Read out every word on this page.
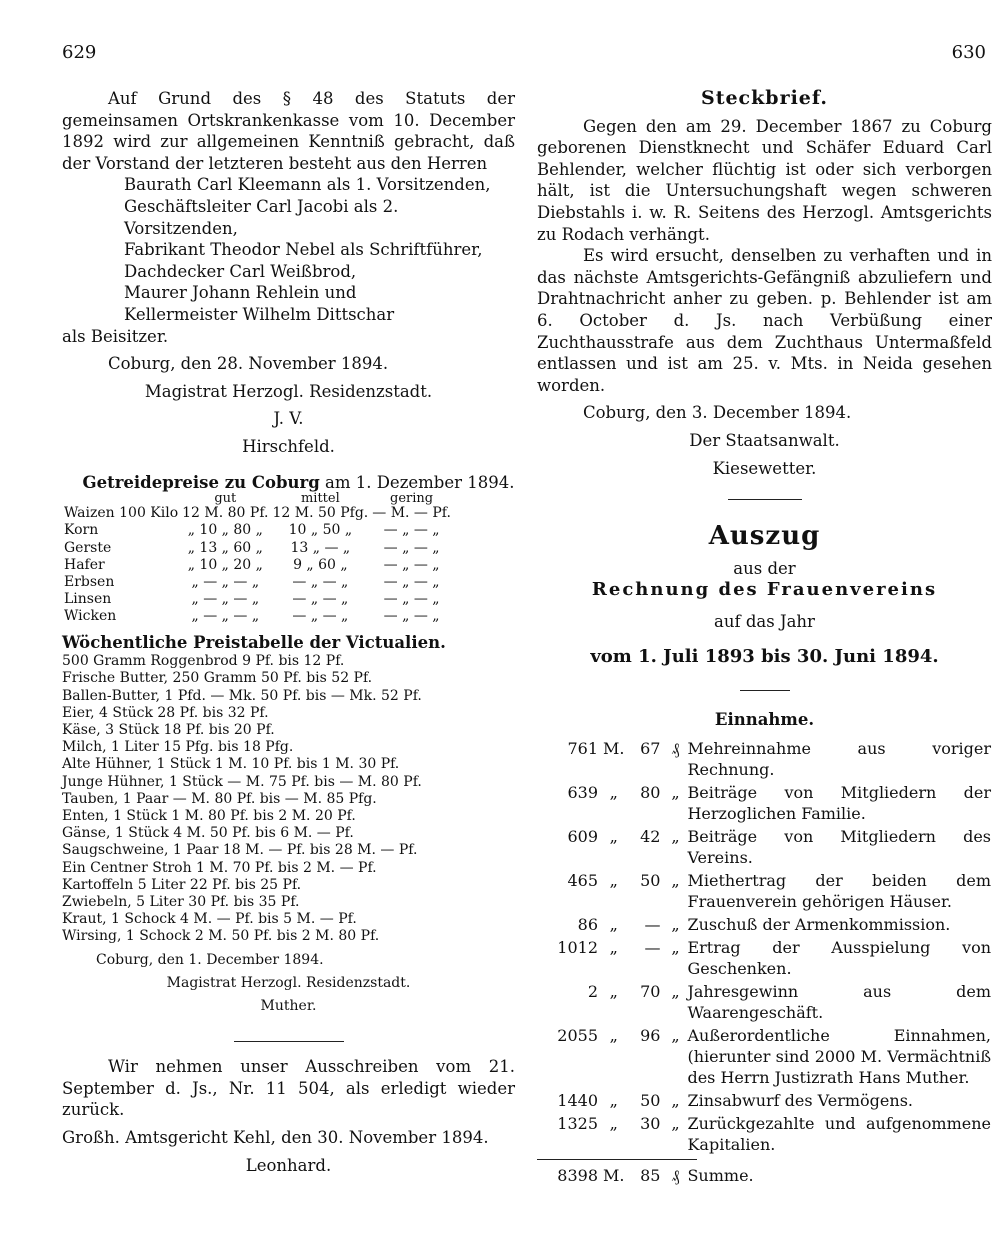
629	630

Auf Grund des § 48 des Statuts der gemeinsamen Ortskrankenkasse vom 10. December 1892 wird zur allgemeinen Kenntniß gebracht, daß der Vorstand der letzteren besteht aus den Herren

Baurath Carl Kleemann als 1. Vorsitzenden,

Geschäftsleiter Carl Jacobi als 2. Vorsitzenden,

Fabrikant Theodor Nebel als Schriftführer,

Dachdecker Carl Weißbrod,

Maurer Johann Rehlein und

Kellermeister Wilhelm Dittschar

als Beisitzer.

Coburg, den 28. November 1894.

Magistrat Herzogl. Residenzstadt.

J. V.

Hirschfeld.

Getreidepreise zu Coburg am 1. Dezember 1894.

	gut	mittel	gering
Waizen 100 Kilo	12 M. 80 Pf.	12 M. 50 Pfg.	— M. — Pf.
Korn	„ 10 „ 80 „	10 „ 50 „	— „ — „
Gerste	„ 13 „ 60 „	13 „ — „	— „ — „
Hafer	„ 10 „ 20 „	9 „ 60 „	— „ — „
Erbsen	„ — „ — „	— „ — „	— „ — „
Linsen	„ — „ — „	— „ — „	— „ — „
Wicken	„ — „ — „	— „ — „	— „ — „

Wöchentliche Preistabelle der Victualien.

500 Gramm Roggenbrod 9 Pf. bis 12 Pf.
Frische Butter, 250 Gramm 50 Pf. bis 52 Pf.
Ballen-Butter, 1 Pfd. — Mk. 50 Pf. bis — Mk. 52 Pf.
Eier, 4 Stück 28 Pf. bis 32 Pf.
Käse, 3 Stück 18 Pf. bis 20 Pf.
Milch, 1 Liter 15 Pfg. bis 18 Pfg.
Alte Hühner, 1 Stück 1 M. 10 Pf. bis 1 M. 30 Pf.
Junge Hühner, 1 Stück — M. 75 Pf. bis — M. 80 Pf.
Tauben, 1 Paar — M. 80 Pf. bis — M. 85 Pfg.
Enten, 1 Stück 1 M. 80 Pf. bis 2 M. 20 Pf.
Gänse, 1 Stück 4 M. 50 Pf. bis 6 M. — Pf.
Saugschweine, 1 Paar 18 M. — Pf. bis 28 M. — Pf.
Ein Centner Stroh 1 M. 70 Pf. bis 2 M. — Pf.
Kartoffeln 5 Liter 22 Pf. bis 25 Pf.
Zwiebeln, 5 Liter 30 Pf. bis 35 Pf.
Kraut, 1 Schock 4 M. — Pf. bis 5 M. — Pf.
Wirsing, 1 Schock 2 M. 50 Pf. bis 2 M. 80 Pf.

Coburg, den 1. December 1894.

Magistrat Herzogl. Residenzstadt.

Muther.

Wir nehmen unser Ausschreiben vom 21. September d. Js., Nr. 11 504, als erledigt wieder zurück.

Großh. Amtsgericht Kehl, den 30. November 1894.

Leonhard.

Steckbrief.

Gegen den am 29. December 1867 zu Coburg geborenen Dienstknecht und Schäfer Eduard Carl Behlender, welcher flüchtig ist oder sich verborgen hält, ist die Untersuchungshaft wegen schweren Diebstahls i. w. R. Seitens des Herzogl. Amtsgerichts zu Rodach verhängt.

Es wird ersucht, denselben zu verhaften und in das nächste Amtsgerichts-Gefängniß abzuliefern und Drahtnachricht anher zu geben. p. Behlender ist am 6. October d. Js. nach Verbüßung einer Zuchthausstrafe aus dem Zuchthaus Untermaßfeld entlassen und ist am 25. v. Mts. in Neida gesehen worden.

Coburg, den 3. December 1894.

Der Staatsanwalt.

Kiesewetter.

Auszug

aus der

Rechnung des Frauenvereins

auf das Jahr

vom 1. Juli 1893 bis 30. Juni 1894.

Einnahme.

761	M.	67	₰	Mehreinnahme aus voriger Rechnung.
639	„	80	„	Beiträge von Mitgliedern der Herzoglichen Familie.
609	„	42	„	Beiträge von Mitgliedern des Vereins.
465	„	50	„	Miethertrag der beiden dem Frauenverein gehörigen Häuser.
86	„	—	„	Zuschuß der Armenkommission.
1012	„	—	„	Ertrag der Ausspielung von Geschenken.
2	„	70	„	Jahresgewinn aus dem Waarengeschäft.
2055	„	96	„	Außerordentliche Einnahmen, (hierunter sind 2000 M. Vermächtniß des Herrn Justizrath Hans Muther.
1440	„	50	„	Zinsabwurf des Vermögens.
1325	„	30	„	Zurückgezahlte und aufgenommene Kapitalien.
8398	M.	85	₰	Summe.
